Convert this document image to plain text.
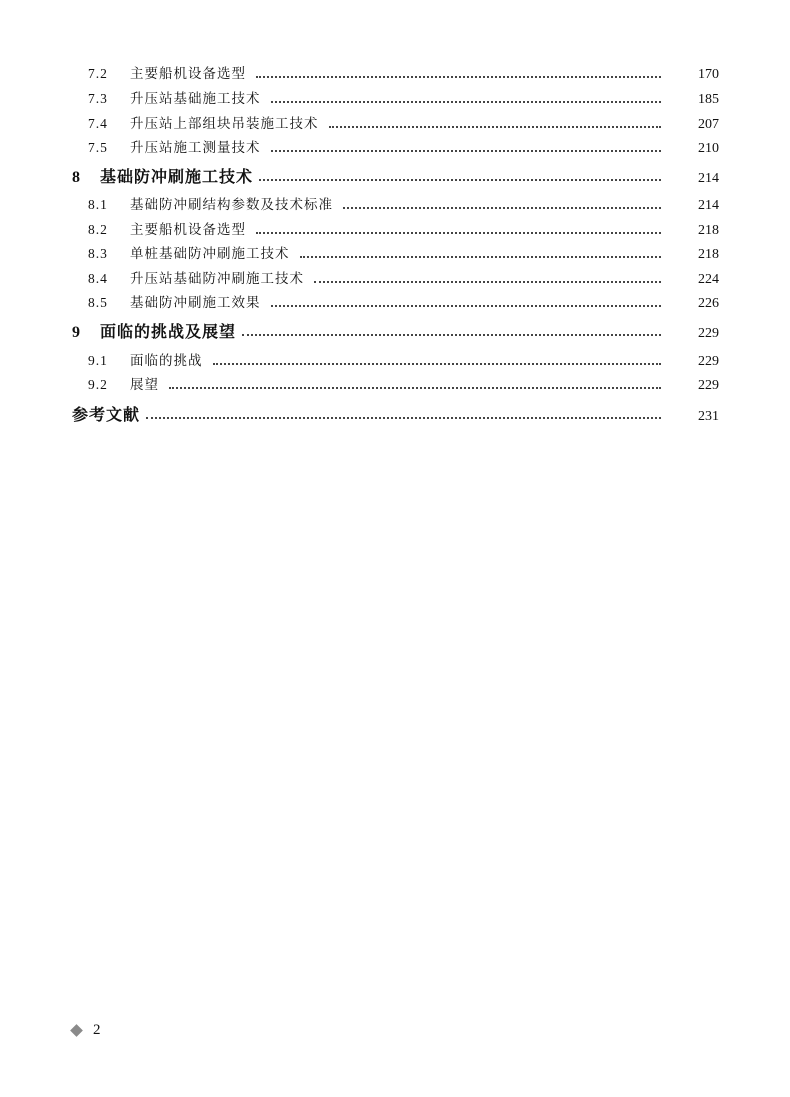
7.2	主要船机设备选型	170
7.3	升压站基础施工技术	185
7.4	升压站上部组块吊装施工技术	207
7.5	升压站施工测量技术	210
8	基础防冲刷施工技术	214
8.1	基础防冲刷结构参数及技术标准	214
8.2	主要船机设备选型	218
8.3	单桩基础防冲刷施工技术	218
8.4	升压站基础防冲刷施工技术	224
8.5	基础防冲刷施工效果	226
9	面临的挑战及展望	229
9.1	面临的挑战	229
9.2	展望	229
参考文献	231
2
